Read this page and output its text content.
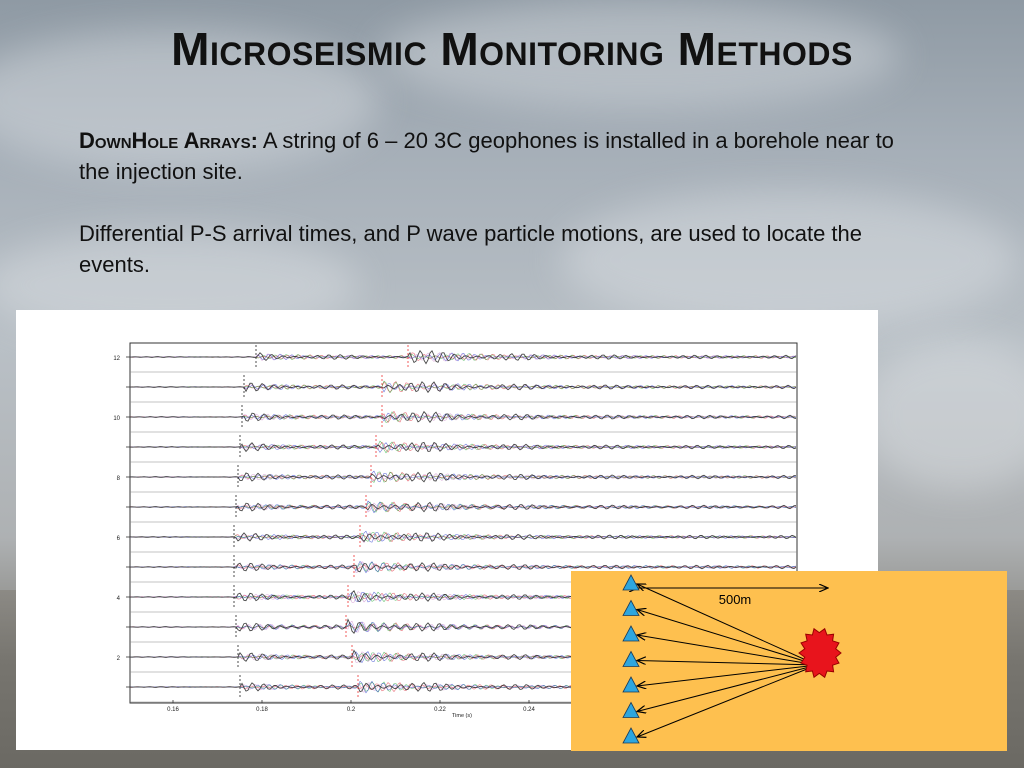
Microseismic Monitoring Methods

DownHole Arrays: A string of 6 – 20 3C geophones is installed in a borehole near to the injection site.

Differential P-S arrival times, and P wave particle motions, are used to locate the events.

12
10
8
6
4
2
0.16	0.18	0.2	0.22	0.24
Time (s)
500m
